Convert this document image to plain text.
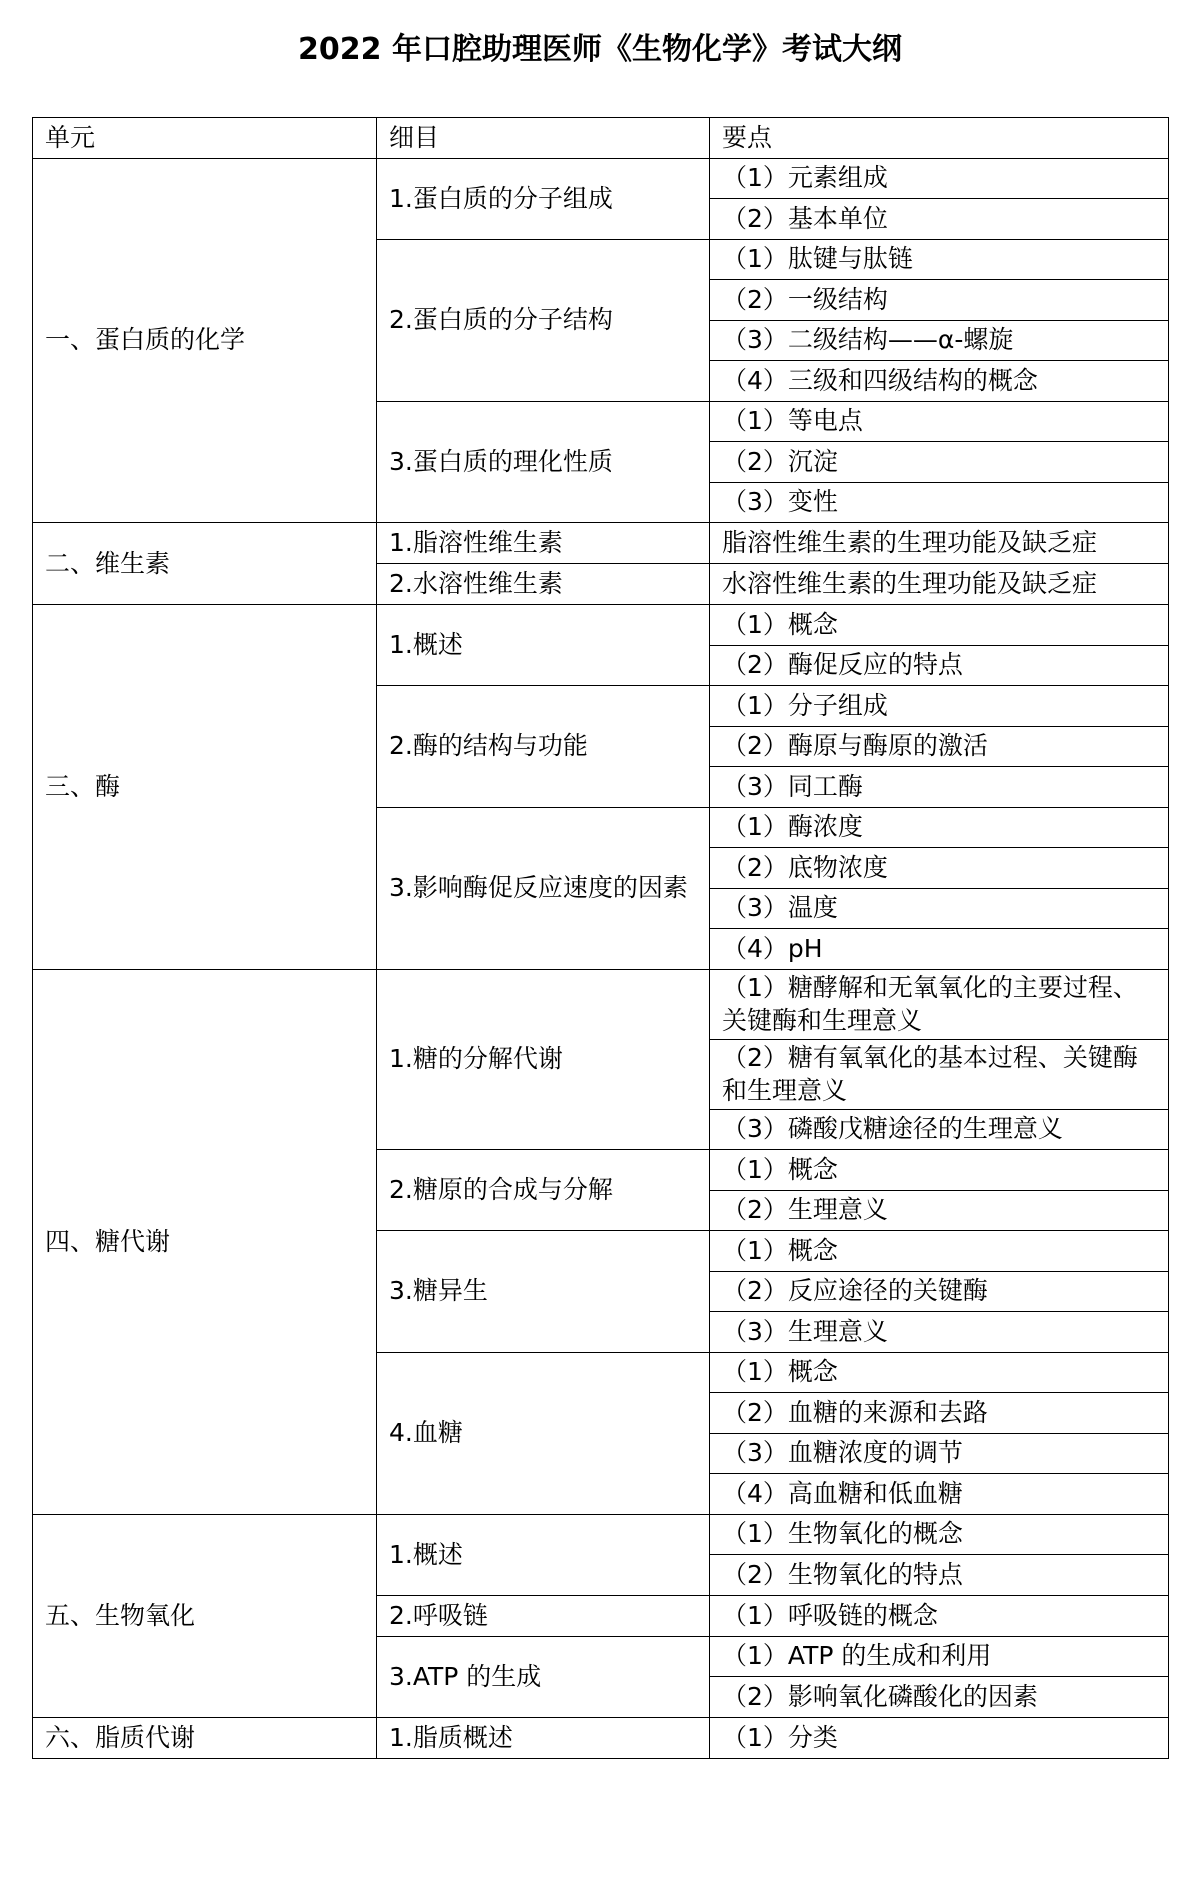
2022 年口腔助理医师《生物化学》考试大纲
单元	细目	要点
一、蛋白质的化学	1.蛋白质的分子组成	（1）元素组成
		（2）基本单位
	2.蛋白质的分子结构	（1）肽键与肽链
		（2）一级结构
		（3）二级结构——α-螺旋
		（4）三级和四级结构的概念
	3.蛋白质的理化性质	（1）等电点
		（2）沉淀
		（3）变性
二、维生素	1.脂溶性维生素	脂溶性维生素的生理功能及缺乏症
	2.水溶性维生素	水溶性维生素的生理功能及缺乏症
三、酶	1.概述	（1）概念
		（2）酶促反应的特点
	2.酶的结构与功能	（1）分子组成
		（2）酶原与酶原的激活
		（3）同工酶
	3.影响酶促反应速度的因素	（1）酶浓度
		（2）底物浓度
		（3）温度
		（4）pH
四、糖代谢	1.糖的分解代谢	（1）糖酵解和无氧氧化的主要过程、关键酶和生理意义
		（2）糖有氧氧化的基本过程、关键酶和生理意义
		（3）磷酸戊糖途径的生理意义
	2.糖原的合成与分解	（1）概念
		（2）生理意义
	3.糖异生	（1）概念
		（2）反应途径的关键酶
		（3）生理意义
	4.血糖	（1）概念
		（2）血糖的来源和去路
		（3）血糖浓度的调节
		（4）高血糖和低血糖
五、生物氧化	1.概述	（1）生物氧化的概念
		（2）生物氧化的特点
	2.呼吸链	（1）呼吸链的概念
	3.ATP 的生成	（1）ATP 的生成和利用
		（2）影响氧化磷酸化的因素
六、脂质代谢	1.脂质概述	（1）分类
